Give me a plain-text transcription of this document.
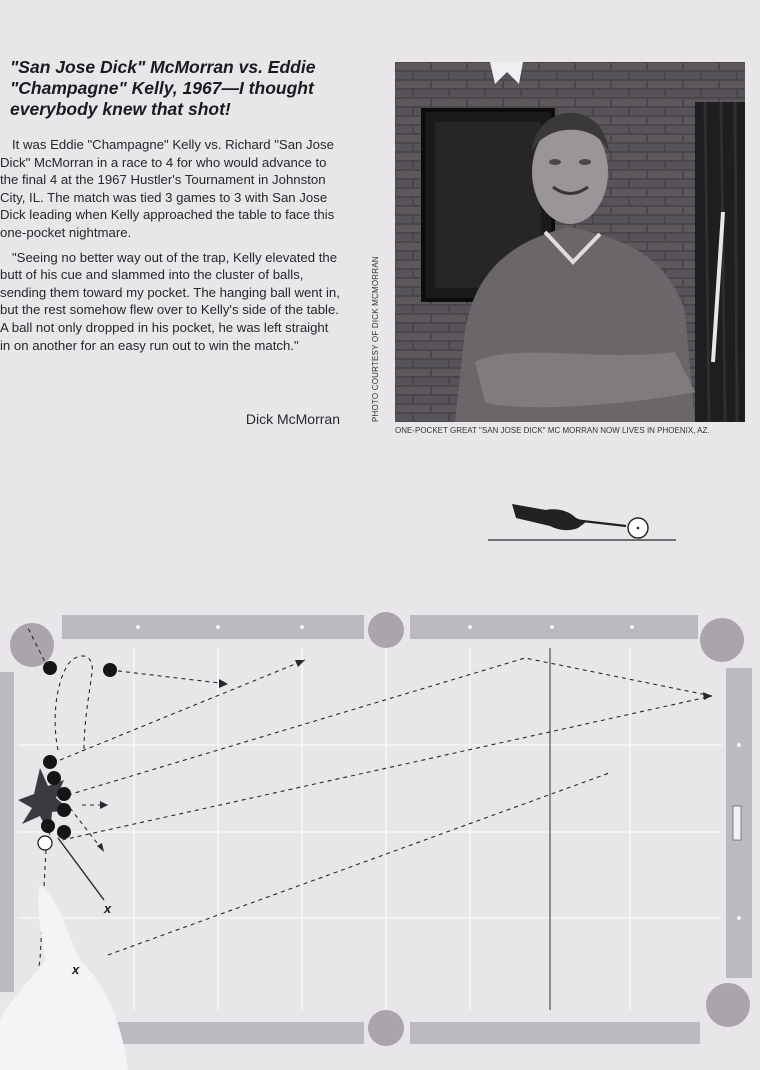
"San Jose Dick" McMorran vs. Eddie "Champagne" Kelly, 1967—I thought everybody knew that shot!

It was Eddie "Champagne" Kelly vs. Richard "San Jose Dick" McMorran in a race to 4 for who would advance to the final 4 at the 1967 Hustler's Tournament in Johnston City, IL. The match was tied 3 games to 3 with San Jose Dick leading when Kelly approached the table to face this one-pocket nightmare.

"Seeing no better way out of the trap, Kelly elevated the butt of his cue and slammed into the cluster of balls, sending them toward my pocket. The hanging ball went in, but the rest somehow flew over to Kelly's side of the table. A ball not only dropped in his pocket, he was left straight in on another for an easy run out to win the match."

Dick McMorran	PHOTO COURTESY OF DICK MCMORRAN
ONE-POCKET GREAT "SAN JOSE DICK" MC MORRAN NOW LIVES IN PHOENIX, AZ.
x
x
